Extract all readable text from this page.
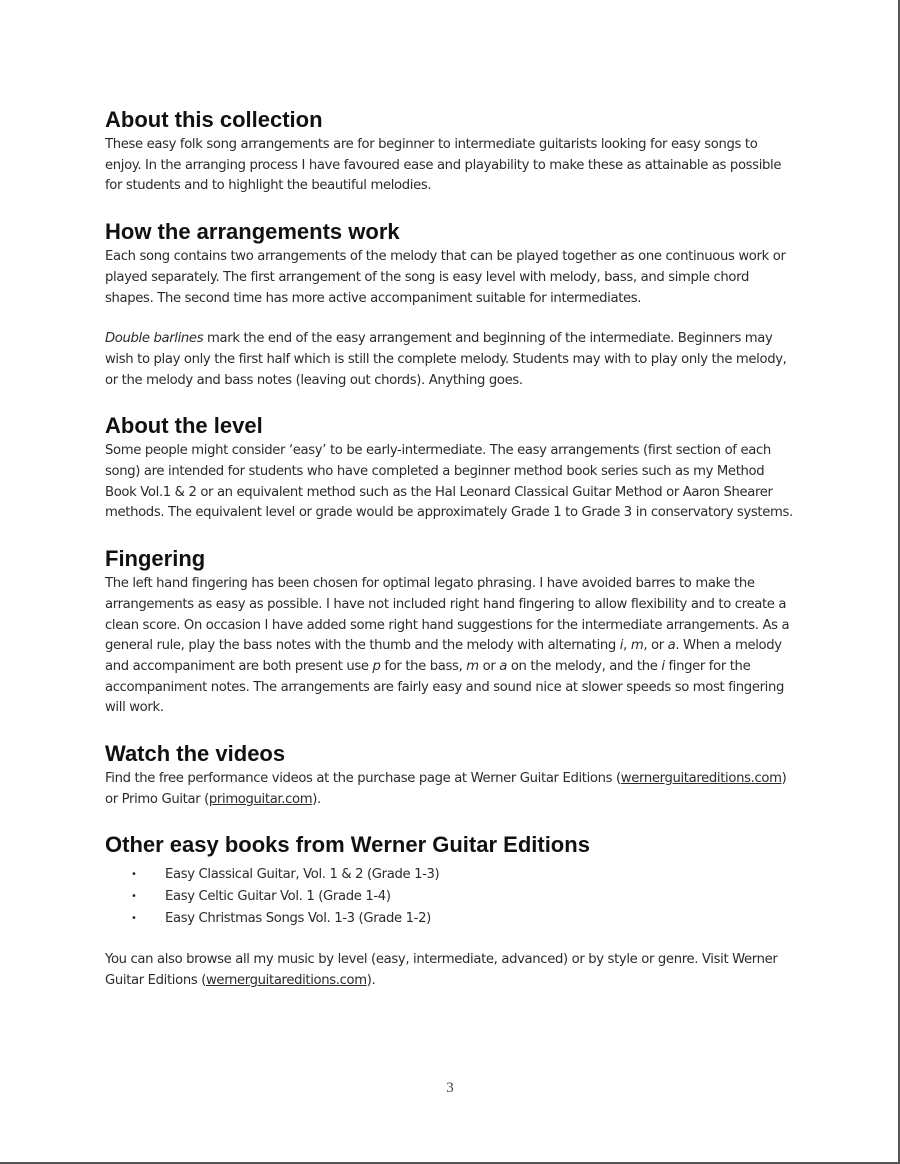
About this collection

These easy folk song arrangements are for beginner to intermediate guitarists looking for easy songs to enjoy. In the arranging process I have favoured ease and playability to make these as attainable as possible for students and to highlight the beautiful melodies.

How the arrangements work

Each song contains two arrangements of the melody that can be played together as one continuous work or played separately. The first arrangement of the song is easy level with melody, bass, and simple chord shapes. The second time has more active accompaniment suitable for intermediates.

Double barlines mark the end of the easy arrangement and beginning of the intermediate. Beginners may wish to play only the first half which is still the complete melody. Students may with to play only the melody, or the melody and bass notes (leaving out chords). Anything goes.

About the level

Some people might consider ‘easy’ to be early-intermediate. The easy arrangements (first section of each song) are intended for students who have completed a beginner method book series such as my Method Book Vol.1 & 2 or an equivalent method such as the Hal Leonard Classical Guitar Method or Aaron Shearer methods. The equivalent level or grade would be approximately Grade 1 to Grade 3 in conservatory systems.

Fingering

The left hand fingering has been chosen for optimal legato phrasing. I have avoided barres to make the arrangements as easy as possible. I have not included right hand fingering to allow flexibility and to create a clean score. On occasion I have added some right hand suggestions for the intermediate arrangements. As a general rule, play the bass notes with the thumb and the melody with alternating i, m, or a. When a melody and accompaniment are both present use p for the bass, m or a on the melody, and the i finger for the accompaniment notes. The arrangements are fairly easy and sound nice at slower speeds so most fingering will work.

Watch the videos

Find the free performance videos at the purchase page at Werner Guitar Editions (wernerguitareditions.com) or Primo Guitar (primoguitar.com).

Other easy books from Werner Guitar Editions
• Easy Classical Guitar, Vol. 1 & 2 (Grade 1-3)
• Easy Celtic Guitar Vol. 1 (Grade 1-4)
• Easy Christmas Songs Vol. 1-3 (Grade 1-2)

You can also browse all my music by level (easy, intermediate, advanced) or by style or genre. Visit Werner Guitar Editions (wernerguitareditions.com).

3
